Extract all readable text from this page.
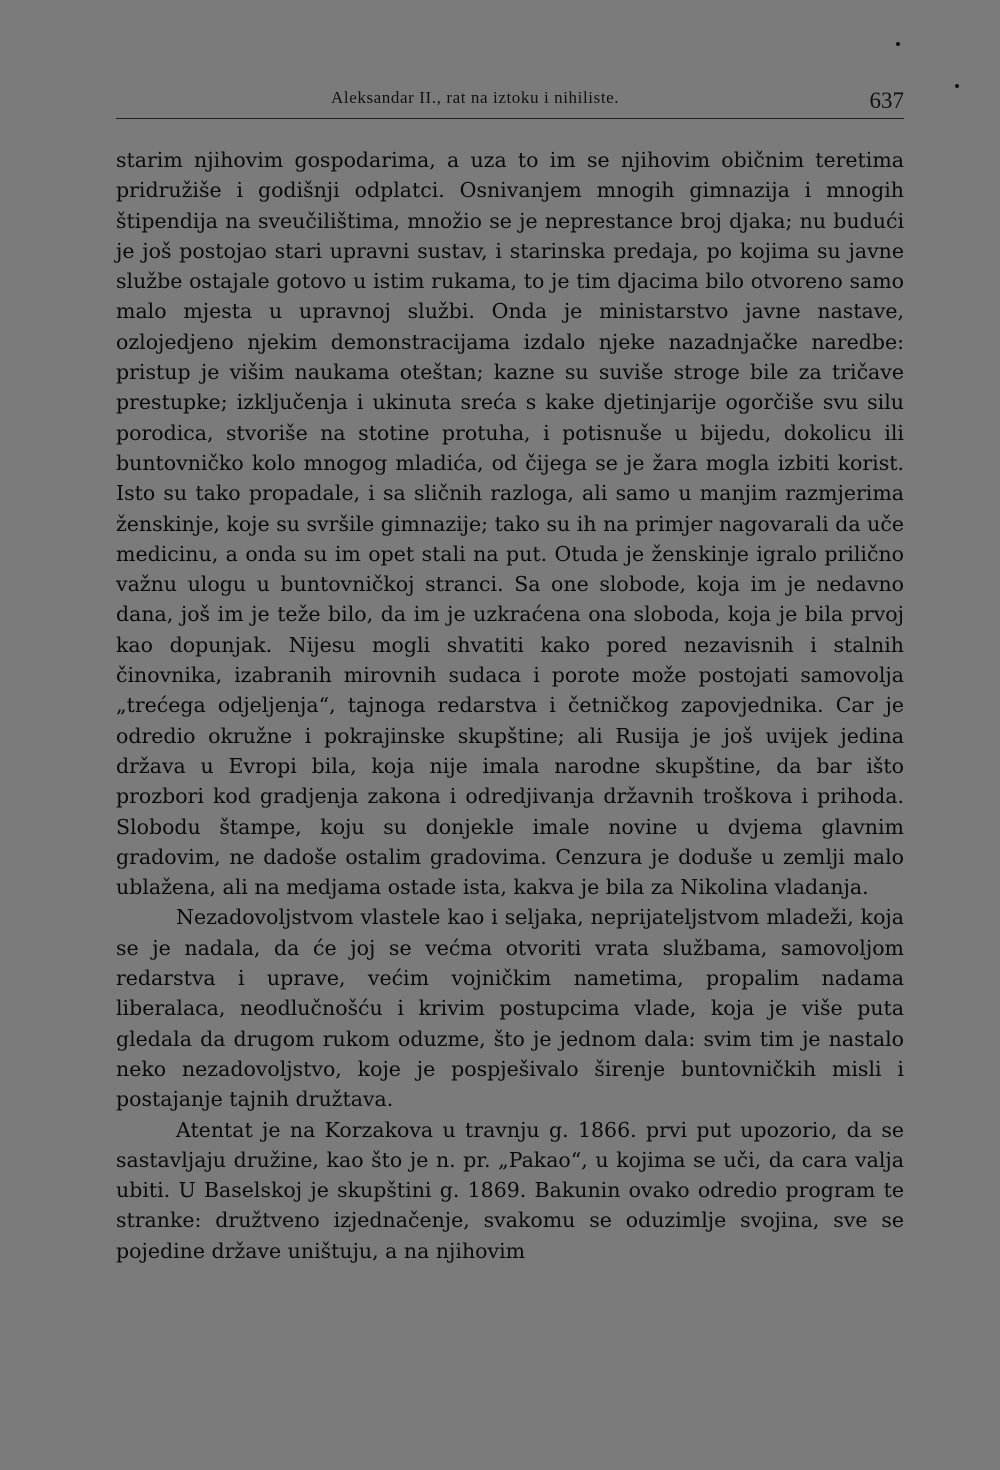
Aleksandar II., rat na iztoku i nihiliste.	637

starim njihovim gospodarima, a uza to im se njihovim običnim teretima pridružiše i godišnji odplatci. Osnivanjem mnogih gimnazija i mnogih štipendija na sveučilištima, množio se je neprestance broj djaka; nu budući je još postojao stari upravni sustav, i starinska predaja, po kojima su javne službe ostajale gotovo u istim rukama, to je tim djacima bilo otvoreno samo malo mjesta u upravnoj službi. Onda je ministarstvo javne nastave, ozlojedjeno njekim demonstracijama izdalo njeke nazadnjačke naredbe: pristup je višim naukama oteštan; kazne su suviše stroge bile za tričave prestupke; izključenja i ukinuta sreća s kake djetinjarije ogorčiše svu silu porodica, stvoriše na stotine protuha, i potisnuše u bijedu, dokolicu ili buntovničko kolo mnogog mladića, od čijega se je žara mogla izbiti korist. Isto su tako propadale, i sa sličnih razloga, ali samo u manjim razmjerima ženskinje, koje su svršile gimnazije; tako su ih na primjer nagovarali da uče medicinu, a onda su im opet stali na put. Otuda je ženskinje igralo prilično važnu ulogu u buntovničkoj stranci. Sa one slobode, koja im je nedavno dana, još im je teže bilo, da im je uzkraćena ona sloboda, koja je bila prvoj kao dopunjak. Nijesu mogli shvatiti kako pored nezavisnih i stalnih činovnika, izabranih mirovnih sudaca i porote može postojati samovolja „trećega odjeljenja“, tajnoga redarstva i četničkog zapovjednika. Car je odredio okružne i pokrajinske skupštine; ali Rusija je još uvijek jedina država u Evropi bila, koja nije imala narodne skupštine, da bar išto prozbori kod gradjenja zakona i odredjivanja državnih troškova i prihoda. Slobodu štampe, koju su donjekle imale novine u dvjema glavnim gradovim, ne dadoše ostalim gradovima. Cenzura je doduše u zemlji malo ublažena, ali na medjama ostade ista, kakva je bila za Nikolina vladanja.

Nezadovoljstvom vlastele kao i seljaka, neprijateljstvom mladeži, koja se je nadala, da će joj se većma otvoriti vrata službama, samovoljom redarstva i uprave, većim vojničkim nametima, propalim nadama liberalaca, neodlučnošću i krivim postupcima vlade, koja je više puta gledala da drugom rukom oduzme, što je jednom dala: svim tim je nastalo neko nezadovoljstvo, koje je pospješivalo širenje buntovničkih misli i postajanje tajnih družtava.

Atentat je na Korzakova u travnju g. 1866. prvi put upozorio, da se sastavljaju družine, kao što je n. pr. „Pakao“, u kojima se uči, da cara valja ubiti. U Baselskoj je skupštini g. 1869. Bakunin ovako odredio program te stranke: družtveno izjednačenje, svakomu se oduzimlje svojina, sve se pojedine države uništuju, a na njihovim
